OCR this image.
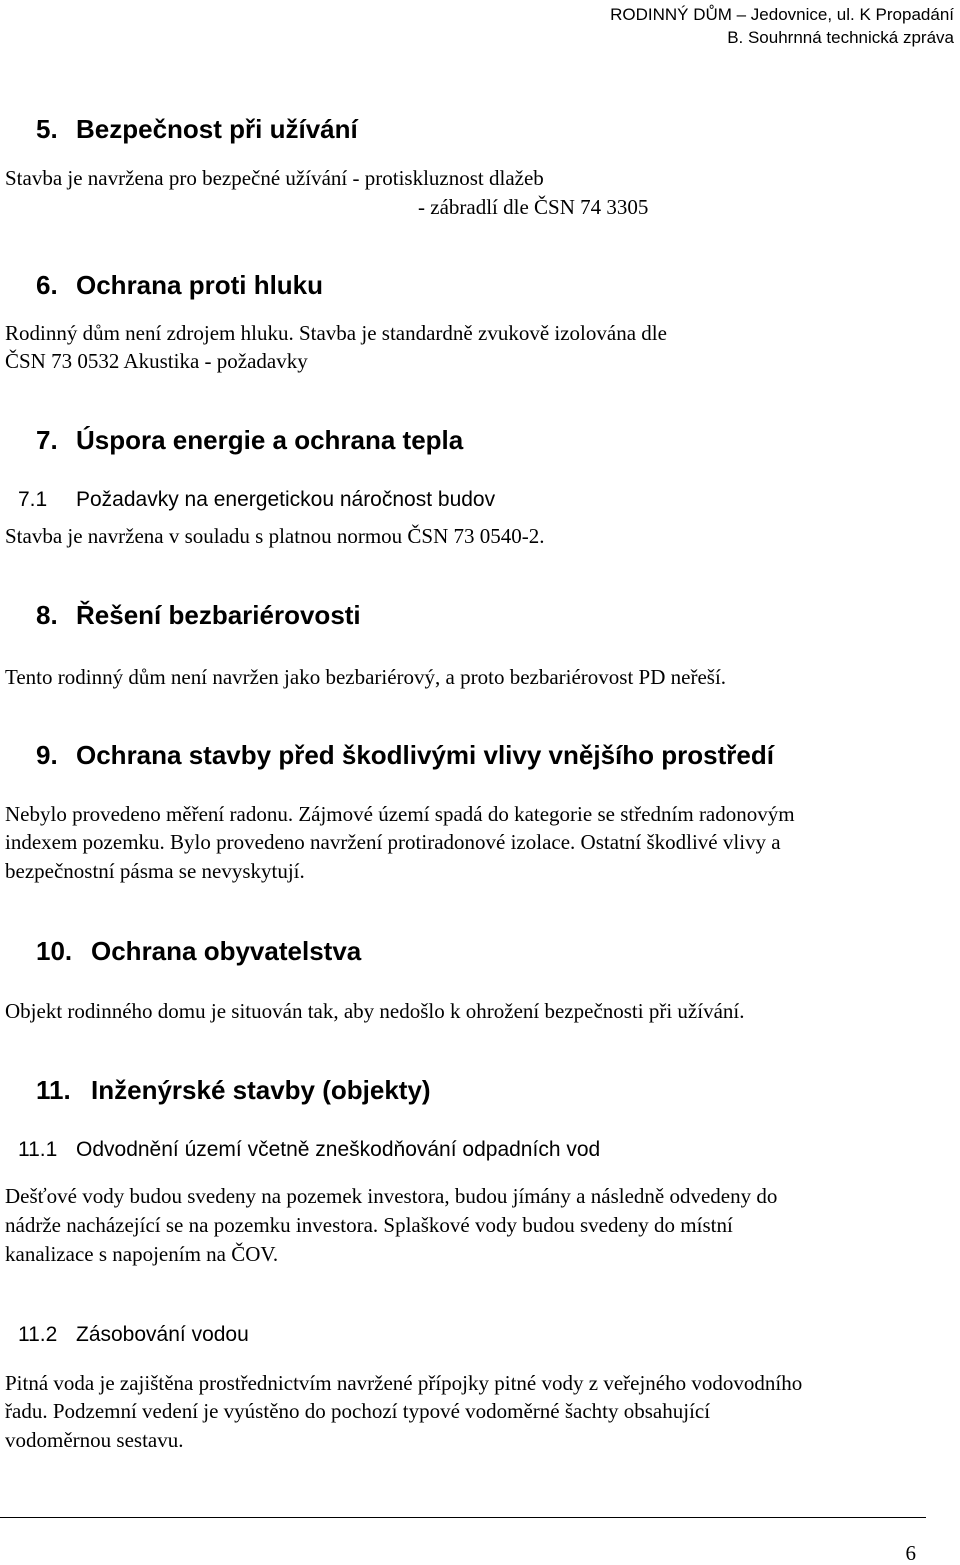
RODINNÝ DŮM – Jedovnice, ul. K Propadání
B. Souhrnná technická zpráva
5. Bezpečnost při užívání
Stavba je navržena pro bezpečné užívání - protiskluznost dlažeb
- zábradlí dle ČSN 74 3305
6. Ochrana proti hluku
Rodinný dům není zdrojem hluku. Stavba je standardně zvukově izolována dle
ČSN 73 0532 Akustika - požadavky
7. Úspora energie a ochrana tepla
7.1 Požadavky na energetickou náročnost budov
Stavba je navržena v souladu s platnou normou ČSN 73 0540-2.
8. Řešení bezbariérovosti
Tento rodinný dům není navržen jako bezbariérový, a proto bezbariérovost PD neřeší.
9. Ochrana stavby před škodlivými vlivy vnějšího prostředí
Nebylo provedeno měření radonu. Zájmové území spadá do kategorie se středním radonovým
indexem pozemku. Bylo provedeno navržení protiradonové izolace. Ostatní škodlivé vlivy a
bezpečnostní pásma se nevyskytují.
10. Ochrana obyvatelstva
Objekt rodinného domu je situován tak, aby nedošlo k ohrožení bezpečnosti při užívání.
11. Inženýrské stavby (objekty)
11.1 Odvodnění území včetně zneškodňování odpadních vod
Dešťové vody budou svedeny na pozemek investora, budou jímány a následně odvedeny do
nádrže nacházející se na pozemku investora. Splaškové vody budou svedeny do místní
kanalizace s napojením na ČOV.
11.2 Zásobování vodou
Pitná voda je zajištěna prostřednictvím navržené přípojky pitné vody z veřejného vodovodního
řadu. Podzemní vedení je vyústěno do pochozí typové vodoměrné šachty obsahující
vodoměrnou sestavu.
6
